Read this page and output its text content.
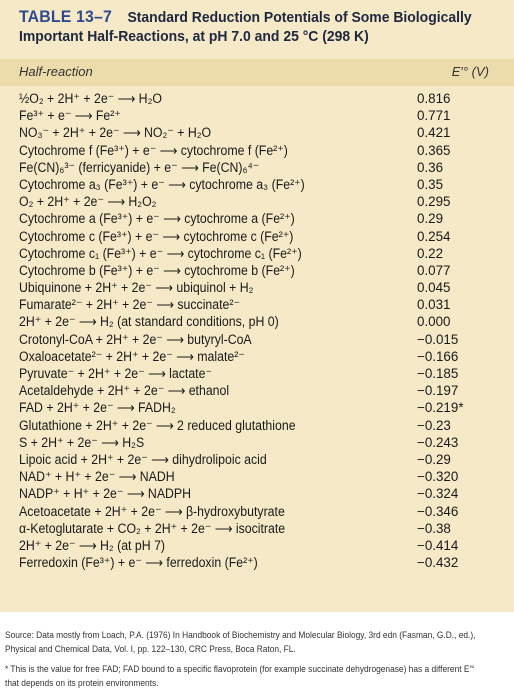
TABLE 13–7 Standard Reduction Potentials of Some Biologically
Important Half-Reactions, at pH 7.0 and 25 °C (298 K)
Half-reaction	E′° (V)
½O₂ + 2H⁺ + 2e⁻ ⟶ H₂O	0.816
Fe³⁺ + e⁻ ⟶ Fe²⁺	0.771
NO₃⁻ + 2H⁺ + 2e⁻ ⟶ NO₂⁻ + H₂O	0.421
Cytochrome f (Fe³⁺) + e⁻ ⟶ cytochrome f (Fe²⁺)	0.365
Fe(CN)₆³⁻ (ferricyanide) + e⁻ ⟶ Fe(CN)₆⁴⁻	0.36
Cytochrome a₃ (Fe³⁺) + e⁻ ⟶ cytochrome a₃ (Fe²⁺)	0.35
O₂ + 2H⁺ + 2e⁻ ⟶ H₂O₂	0.295
Cytochrome a (Fe³⁺) + e⁻ ⟶ cytochrome a (Fe²⁺)	0.29
Cytochrome c (Fe³⁺) + e⁻ ⟶ cytochrome c (Fe²⁺)	0.254
Cytochrome c₁ (Fe³⁺) + e⁻ ⟶ cytochrome c₁ (Fe²⁺)	0.22
Cytochrome b (Fe³⁺) + e⁻ ⟶ cytochrome b (Fe²⁺)	0.077
Ubiquinone + 2H⁺ + 2e⁻ ⟶ ubiquinol + H₂	0.045
Fumarate²⁻ + 2H⁺ + 2e⁻ ⟶ succinate²⁻	0.031
2H⁺ + 2e⁻ ⟶ H₂ (at standard conditions, pH 0)	0.000
Crotonyl-CoA + 2H⁺ + 2e⁻ ⟶ butyryl-CoA	−0.015
Oxaloacetate²⁻ + 2H⁺ + 2e⁻ ⟶ malate²⁻	−0.166
Pyruvate⁻ + 2H⁺ + 2e⁻ ⟶ lactate⁻	−0.185
Acetaldehyde + 2H⁺ + 2e⁻ ⟶ ethanol	−0.197
FAD + 2H⁺ + 2e⁻ ⟶ FADH₂	−0.219*
Glutathione + 2H⁺ + 2e⁻ ⟶ 2 reduced glutathione	−0.23
S + 2H⁺ + 2e⁻ ⟶ H₂S	−0.243
Lipoic acid + 2H⁺ + 2e⁻ ⟶ dihydrolipoic acid	−0.29
NAD⁺ + H⁺ + 2e⁻ ⟶ NADH	−0.320
NADP⁺ + H⁺ + 2e⁻ ⟶ NADPH	−0.324
Acetoacetate + 2H⁺ + 2e⁻ ⟶ β-hydroxybutyrate	−0.346
α-Ketoglutarate + CO₂ + 2H⁺ + 2e⁻ ⟶ isocitrate	−0.38
2H⁺ + 2e⁻ ⟶ H₂ (at pH 7)	−0.414
Ferredoxin (Fe³⁺) + e⁻ ⟶ ferredoxin (Fe²⁺)	−0.432
Source: Data mostly from Loach, P.A. (1976) In Handbook of Biochemistry and Molecular Biology, 3rd edn (Fasman, G.D., ed.),
Physical and Chemical Data, Vol. I, pp. 122–130, CRC Press, Boca Raton, FL.
* This is the value for free FAD; FAD bound to a specific flavoprotein (for example succinate dehydrogenase) has a different E′°
that depends on its protein environments.
